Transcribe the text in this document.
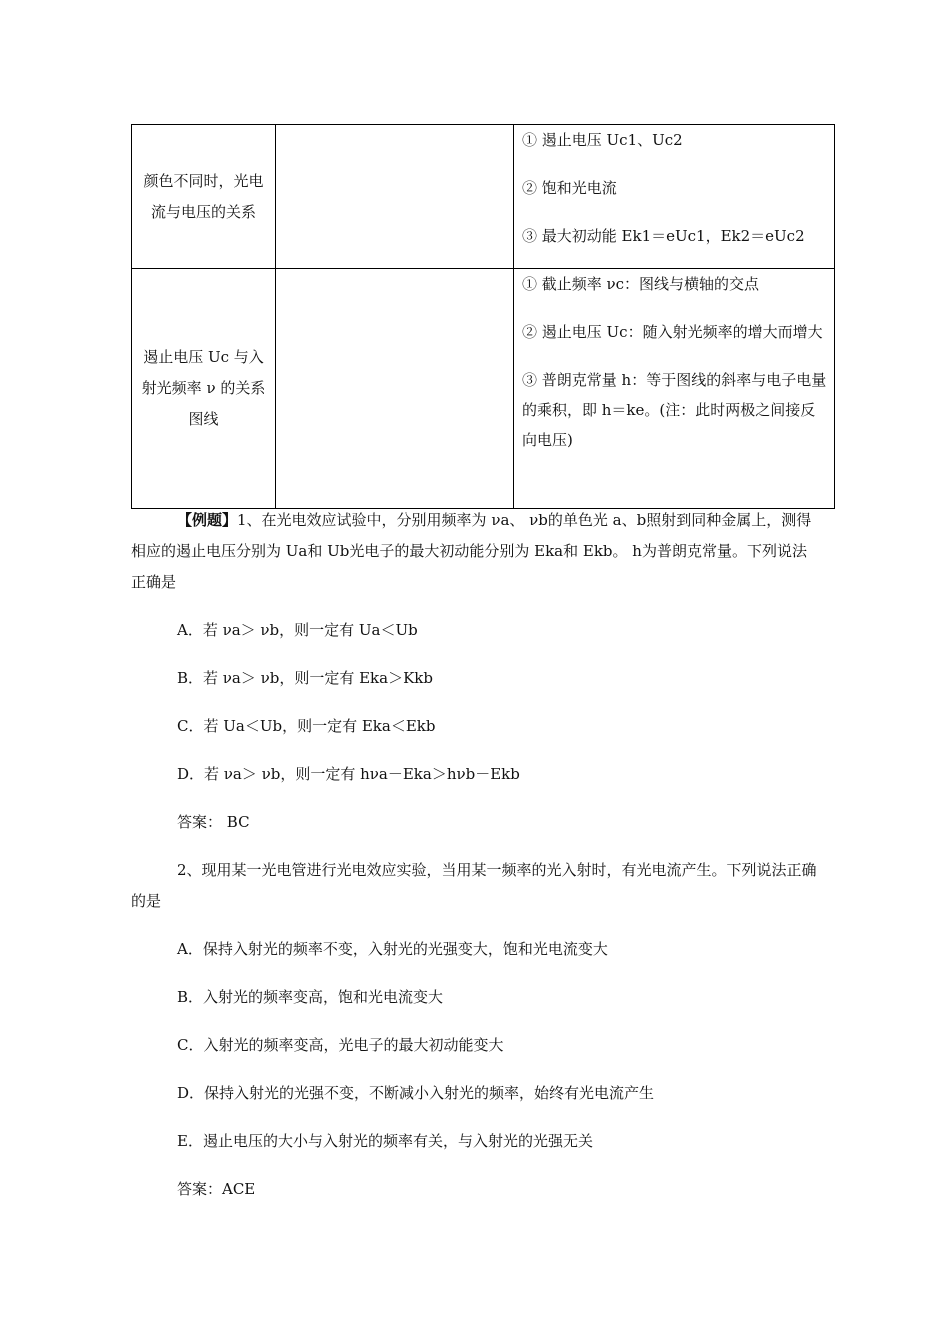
颜色不同时，光电流与电压的关系		① 遏止电压 Uc1、Uc2

② 饱和光电流

③ 最大初动能 Ek1＝eUc1，Ek2＝eUc2

遏止电压 Uc 与入射光频率 ν 的关系图线		① 截止频率 νc：图线与横轴的交点

② 遏止电压 Uc：随入射光频率的增大而增大

③ 普朗克常量 h：等于图线的斜率与电子电量的乘积，即 h＝ke。(注：此时两极之间接反向电压)

【例题】1、在光电效应试验中，分别用频率为 νa、 νb的单色光 a、b照射到同种金属上，测得相应的遏止电压分别为 Ua和 Ub光电子的最大初动能分别为 Eka和 Ekb。 h为普朗克常量。下列说法正确是

A．若 νa＞ νb，则一定有 Ua＜Ub

B．若 νa＞ νb，则一定有 Eka＞Kkb

C．若 Ua＜Ub，则一定有 Eka＜Ekb

D．若 νa＞ νb，则一定有 hνa－Eka＞hνb－Ekb

答案： BC

2、现用某一光电管进行光电效应实验，当用某一频率的光入射时，有光电流产生。下列说法正确的是

A．保持入射光的频率不变，入射光的光强变大，饱和光电流变大

B．入射光的频率变高，饱和光电流变大

C．入射光的频率变高，光电子的最大初动能变大

D．保持入射光的光强不变，不断减小入射光的频率，始终有光电流产生

E．遏止电压的大小与入射光的频率有关，与入射光的光强无关

答案：ACE
